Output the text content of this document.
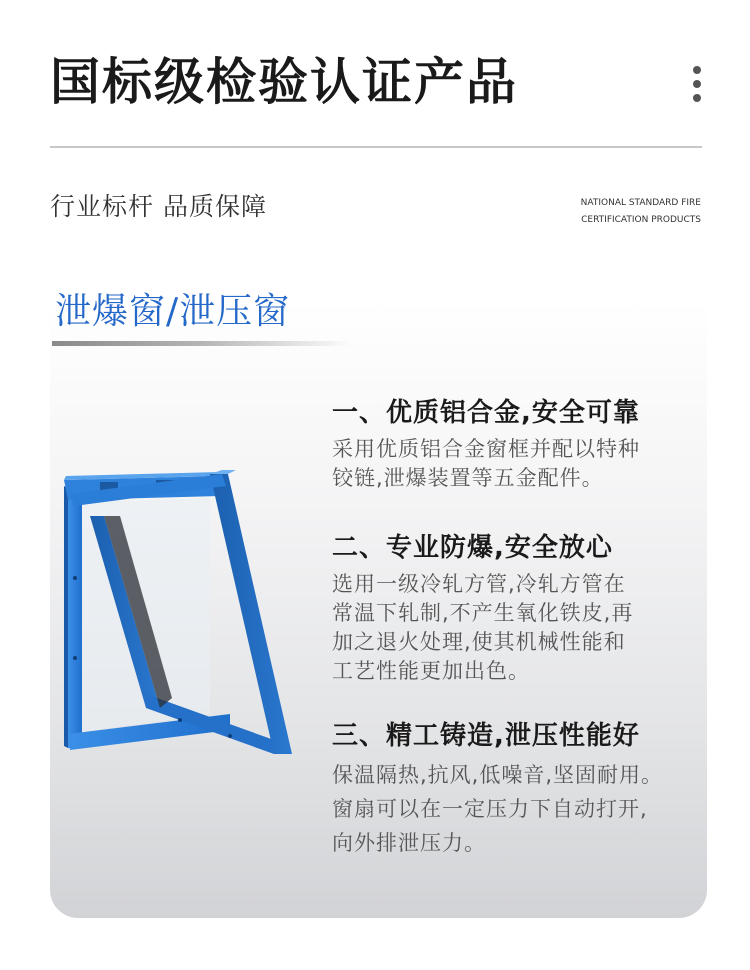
国标级检验认证产品
行业标杆 品质保障	NATIONAL STANDARD FIRE
CERTIFICATION PRODUCTS
泄爆窗/泄压窗
一、优质铝合金,安全可靠
采用优质铝合金窗框并配以特种
铰链,泄爆装置等五金配件。
二、专业防爆,安全放心
选用一级冷轧方管,冷轧方管在
常温下轧制,不产生氧化铁皮,再
加之退火处理,使其机械性能和
工艺性能更加出色。
三、精工铸造,泄压性能好
保温隔热,抗风,低噪音,坚固耐用。
窗扇可以在一定压力下自动打开,
向外排泄压力。
